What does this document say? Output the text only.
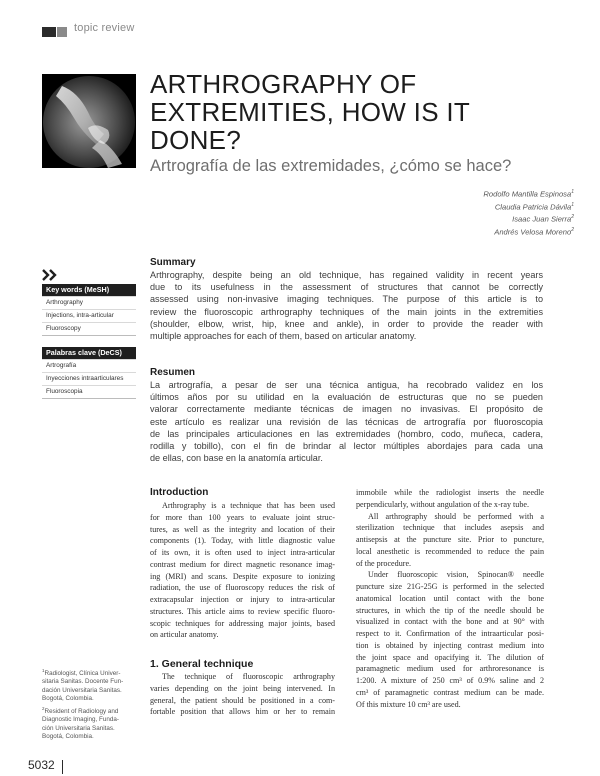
topic review
ARTHROGRAPHY OF
EXTREMITIES, HOW IS IT
DONE?
Artrografía de las extremidades, ¿cómo se hace?
Rodolfo Mantilla Espinosa$^1$
Claudia Patricia Dávila$^1$
Isaac Juan Sierra$^2$
Andrés Velosa Moreno$^2$
Key words (MeSH)
Arthrography
Injections, intra-articular
Fluoroscopy
Palabras clave (DeCS)
Artrografía
Inyecciones intraarticulares
Fluoroscopia
Summary
Arthrography, despite being an old technique, has regained validity in recent years
due to its usefulness in the assessment of structures that cannot be correctly
assessed using non-invasive imaging techniques. The purpose of this article is to
review the fluoroscopic arthrography techniques of the main joints in the extremities
(shoulder, elbow, wrist, hip, knee and ankle), in order to provide the reader with
multiple approaches for each of them, based on articular anatomy.
Resumen
La artrografía, a pesar de ser una técnica antigua, ha recobrado validez en los
últimos años por su utilidad en la evaluación de estructuras que no se pueden
valorar correctamente mediante técnicas de imagen no invasivas. El propósito de
este artículo es realizar una revisión de las técnicas de artrografía por fluoroscopia
de las principales articulaciones en las extremidades (hombro, codo, muñeca, cadera,
rodilla y tobillo), con el fin de brindar al lector múltiples abordajes para cada una
de ellas, con base en la anatomía articular.
Introduction
Arthrography is a technique that has been used
for more than 100 years to evaluate joint struc-
tures, as well as the integrity and location of their
components (1). Today, with little diagnostic value
of its own, it is often used to inject intra-articular
contrast medium for direct magnetic resonance imag-
ing (MRI) and scans. Despite exposure to ionizing
radiation, the use of fluoroscopy reduces the risk of
extracapsular injection or injury to intra-articular
structures. This article aims to review specific fluoro-
scopic techniques for addressing major joints, based
on articular anatomy.
1. General technique
The technique of fluoroscopic arthrography
varies depending on the joint being intervened. In
general, the patient should be positioned in a com-
fortable position that allows him or her to remain
immobile while the radiologist inserts the needle
perpendicularly, without angulation of the x-ray tube.
All arthrography should be performed with a
sterilization technique that includes asepsis and
antisepsis at the puncture site. Prior to puncture,
local anesthetic is recommended to reduce the pain
of the procedure.
Under fluoroscopic vision, Spinocan® needle
puncture size 21G-25G is performed in the selected
anatomical location until contact with the bone
structures, in which the tip of the needle should be
visualized in contact with the bone and at 90° with
respect to it. Confirmation of the intraarticular posi-
tion is obtained by injecting contrast medium into
the joint space and opacifying it. The dilution of
paramagnetic medium used for arthroresonance is
1:200. A mixture of 250 cm³ of 0.9% saline and 2
cm³ of paramagnetic contrast medium can be made.
Of this mixture 10 cm³ are used.
$^1$Radiologist, Clínica Univer-
sitaria Sanitas. Docente Fun-
dación Universitaria Sanitas.
Bogotá, Colombia.
$^2$Resident of Radiology and
Diagnostic Imaging, Funda-
ción Universitaria Sanitas.
Bogotá, Colombia.
5032
